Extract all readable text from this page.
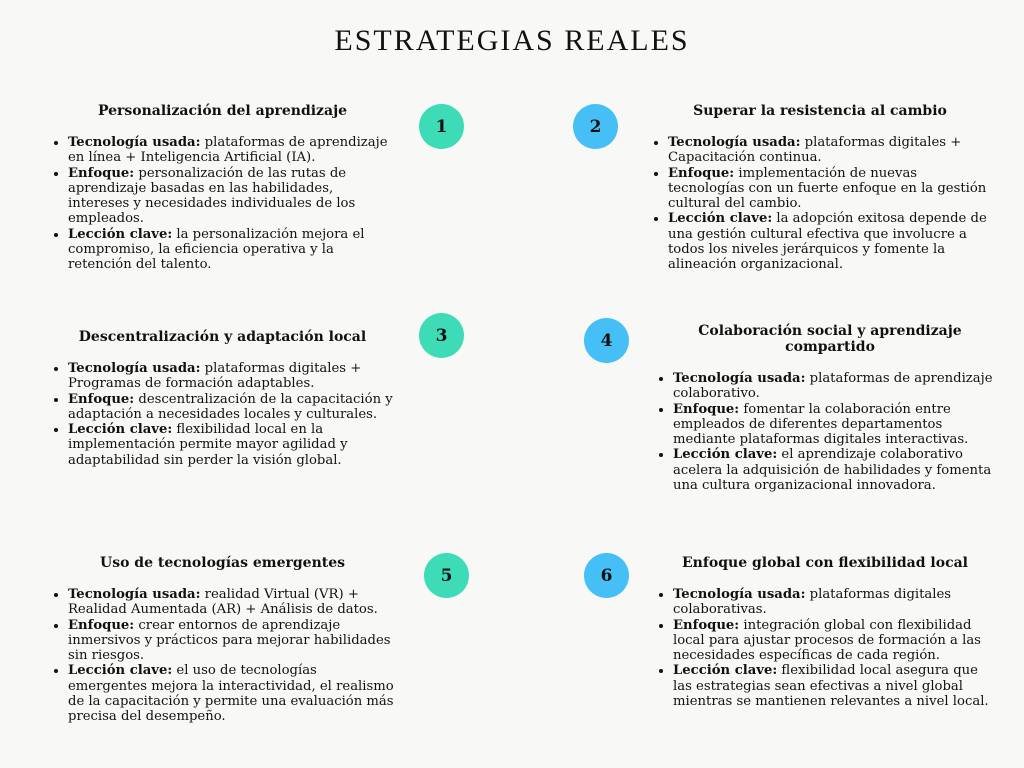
ESTRATEGIAS REALES
1	2
3	4
5	6
Personalización del aprendizaje
• Tecnología usada: plataformas de aprendizaje en línea + Inteligencia Artificial (IA).
• Enfoque: personalización de las rutas de aprendizaje basadas en las habilidades, intereses y necesidades individuales de los empleados.
• Lección clave: la personalización mejora el compromiso, la eficiencia operativa y la retención del talento.
Superar la resistencia al cambio
• Tecnología usada: plataformas digitales + Capacitación continua.
• Enfoque: implementación de nuevas tecnologías con un fuerte enfoque en la gestión cultural del cambio.
• Lección clave: la adopción exitosa depende de una gestión cultural efectiva que involucre a todos los niveles jerárquicos y fomente la alineación organizacional.
Descentralización y adaptación local
• Tecnología usada: plataformas digitales + Programas de formación adaptables.
• Enfoque: descentralización de la capacitación y adaptación a necesidades locales y culturales.
• Lección clave: flexibilidad local en la implementación permite mayor agilidad y adaptabilidad sin perder la visión global.
Colaboración social y aprendizaje compartido
• Tecnología usada: plataformas de aprendizaje colaborativo.
• Enfoque: fomentar la colaboración entre empleados de diferentes departamentos mediante plataformas digitales interactivas.
• Lección clave: el aprendizaje colaborativo acelera la adquisición de habilidades y fomenta una cultura organizacional innovadora.
Uso de tecnologías emergentes
• Tecnología usada: realidad Virtual (VR) + Realidad Aumentada (AR) + Análisis de datos.
• Enfoque: crear entornos de aprendizaje inmersivos y prácticos para mejorar habilidades sin riesgos.
• Lección clave: el uso de tecnologías emergentes mejora la interactividad, el realismo de la capacitación y permite una evaluación más precisa del desempeño.
Enfoque global con flexibilidad local
• Tecnología usada: plataformas digitales colaborativas.
• Enfoque: integración global con flexibilidad local para ajustar procesos de formación a las necesidades específicas de cada región.
• Lección clave: flexibilidad local asegura que las estrategias sean efectivas a nivel global mientras se mantienen relevantes a nivel local.
